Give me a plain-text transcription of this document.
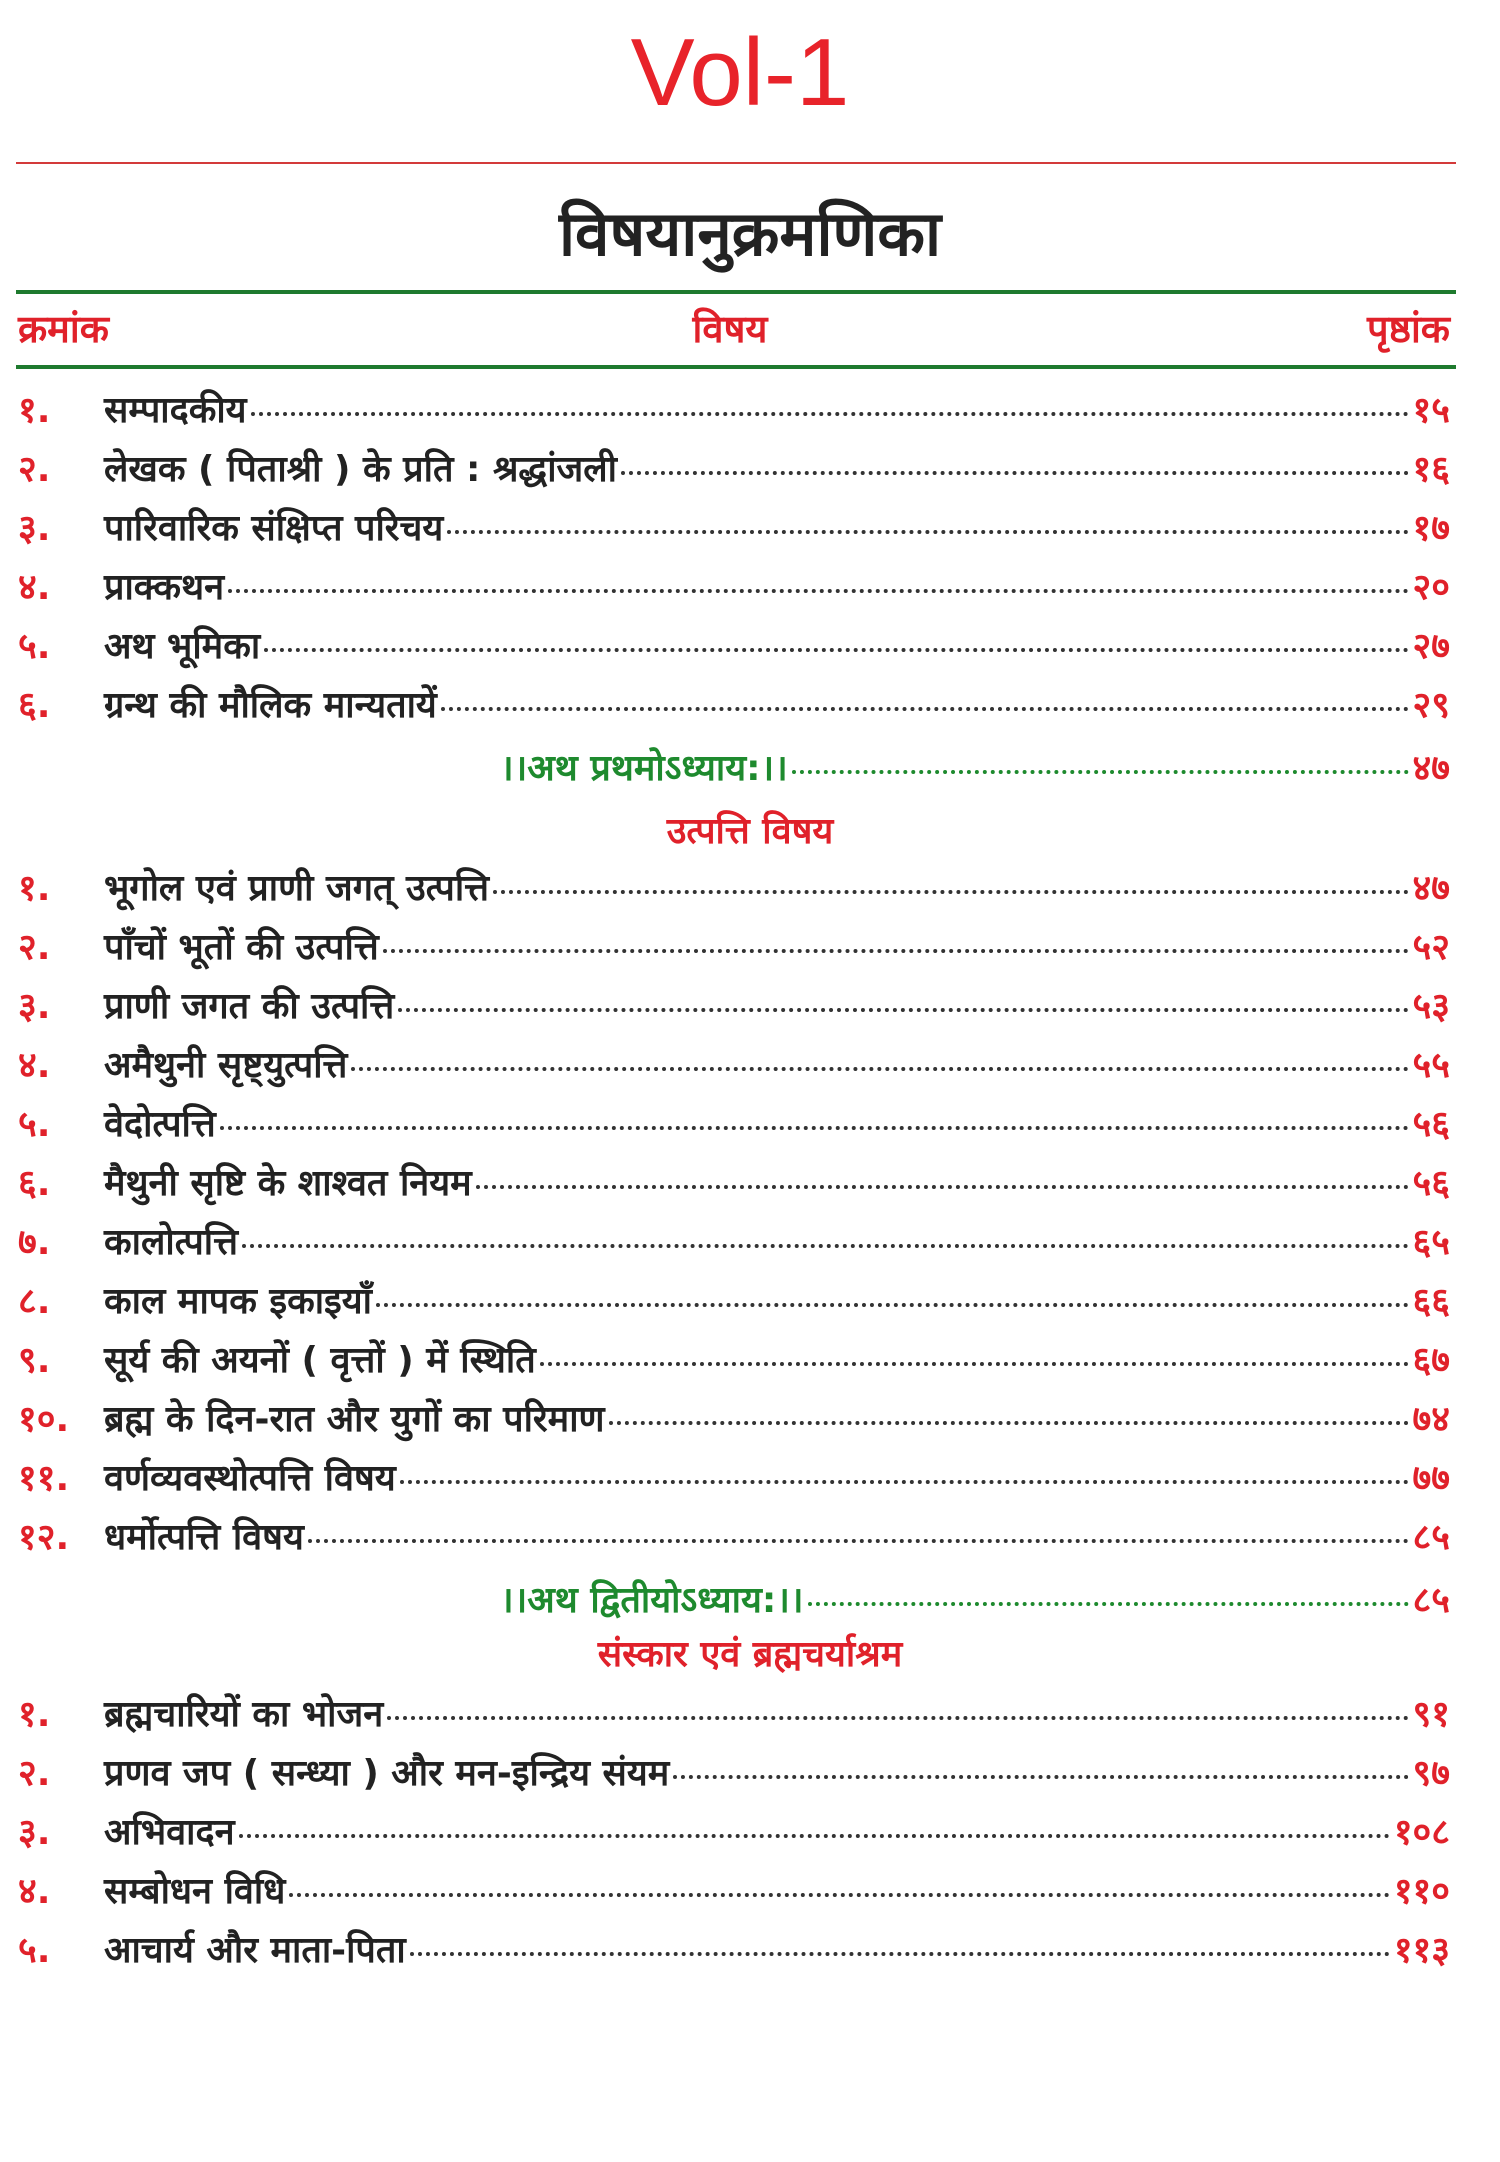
Vol-1
विषयानुक्रमणिका
क्रमांक	विषय	पृष्ठांक
१.	सम्पादकीय	१५
२.	लेखक ( पिताश्री ) के प्रति : श्रद्धांजली	१६
३.	पारिवारिक संक्षिप्त परिचय	१७
४.	प्राक्कथन	२०
५.	अथ भूमिका	२७
६.	ग्रन्थ की मौलिक मान्यतायें	२९
।।अथ प्रथमोऽध्याय:।।	४७
उत्पत्ति विषय
१.	भूगोल एवं प्राणी जगत् उत्पत्ति	४७
२.	पाँचों भूतों की उत्पत्ति	५२
३.	प्राणी जगत की उत्पत्ति	५३
४.	अमैथुनी सृष्ट्युत्पत्ति	५५
५.	वेदोत्पत्ति	५६
६.	मैथुनी सृष्टि के शाश्वत नियम	५६
७.	कालोत्पत्ति	६५
८.	काल मापक इकाइयाँ	६६
९.	सूर्य की अयनों ( वृत्तों ) में स्थिति	६७
१०. ब्रह्म के दिन-रात और युगों का परिमाण	७४
११. वर्णव्यवस्थोत्पत्ति विषय	७७
१२. धर्मोत्पत्ति विषय	८५
।।अथ द्वितीयोऽध्याय:।।	८५
संस्कार एवं ब्रह्मचर्याश्रम
१.	ब्रह्मचारियों का भोजन	९१
२.	प्रणव जप ( सन्ध्या ) और मन-इन्द्रिय संयम	९७
३.	अभिवादन	१०८
४.	सम्बोधन विधि	११०
५.	आचार्य और माता-पिता	११३
